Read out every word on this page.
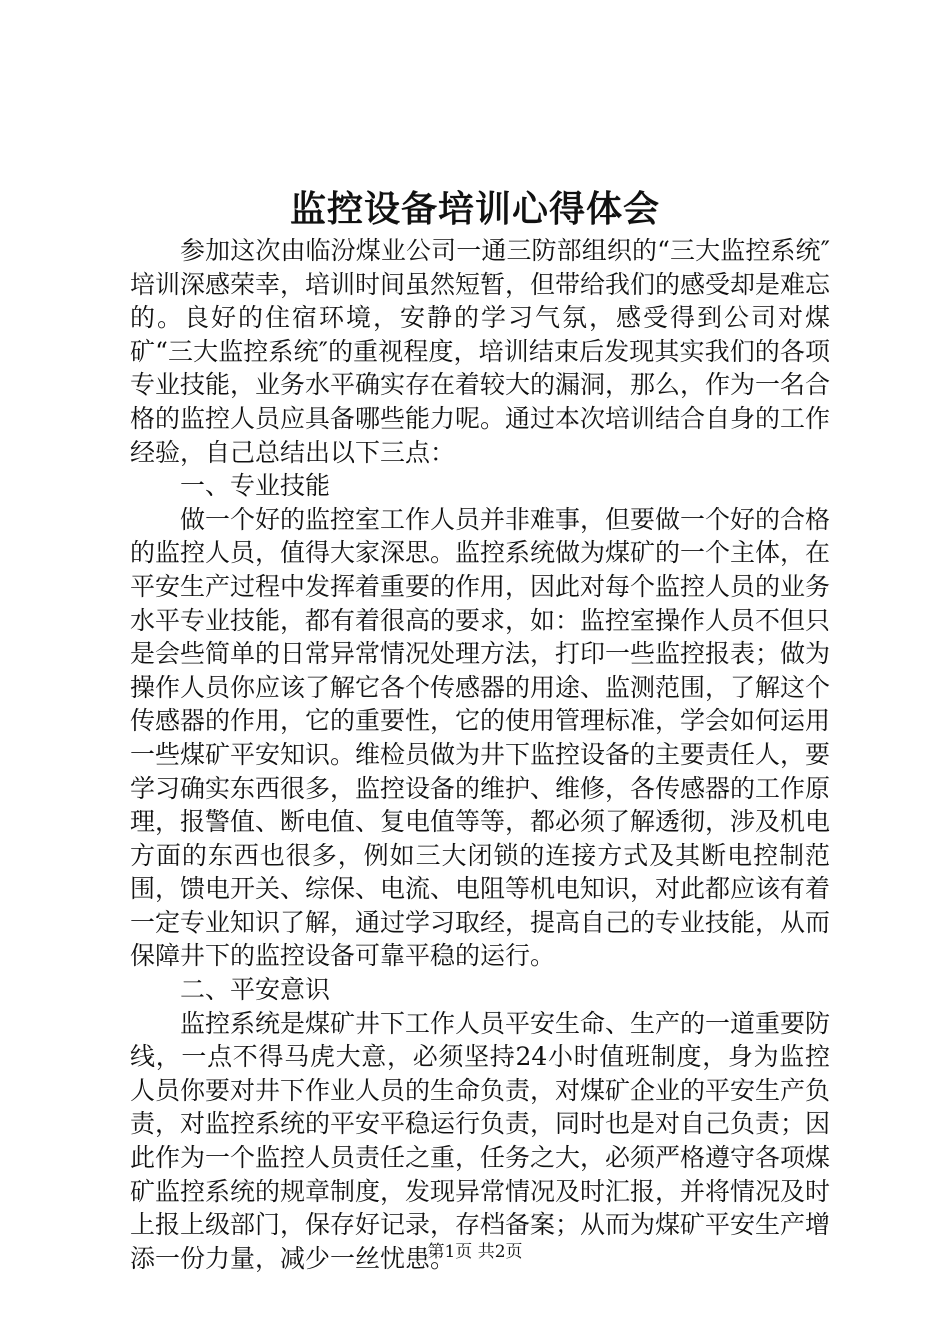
监控设备培训心得体会

参加这次由临汾煤业公司一通三防部组织的“三大监控系统″培训深感荣幸，培训时间虽然短暂，但带给我们的感受却是难忘的。良好的住宿环境，安静的学习气氛，感受得到公司对煤矿“三大监控系统″的重视程度，培训结束后发现其实我们的各项专业技能，业务水平确实存在着较大的漏洞，那么，作为一名合格的监控人员应具备哪些能力呢。通过本次培训结合自身的工作经验，自己总结出以下三点：

一、专业技能

做一个好的监控室工作人员并非难事，但要做一个好的合格的监控人员，值得大家深思。监控系统做为煤矿的一个主体，在平安生产过程中发挥着重要的作用，因此对每个监控人员的业务水平专业技能，都有着很高的要求，如：监控室操作人员不但只是会些简单的日常异常情况处理方法，打印一些监控报表；做为操作人员你应该了解它各个传感器的用途、监测范围，了解这个传感器的作用，它的重要性，它的使用管理标准，学会如何运用一些煤矿平安知识。维检员做为井下监控设备的主要责任人，要学习确实东西很多，监控设备的维护、维修，各传感器的工作原理，报警值、断电值、复电值等等，都必须了解透彻，涉及机电方面的东西也很多，例如三大闭锁的连接方式及其断电控制范围，馈电开关、综保、电流、电阻等机电知识，对此都应该有着一定专业知识了解，通过学习取经，提高自己的专业技能，从而保障井下的监控设备可靠平稳的运行。

二、平安意识

监控系统是煤矿井下工作人员平安生命、生产的一道重要防线，一点不得马虎大意，必须坚持24小时值班制度，身为监控人员你要对井下作业人员的生命负责，对煤矿企业的平安生产负责，对监控系统的平安平稳运行负责，同时也是对自己负责；因此作为一个监控人员责任之重，任务之大，必须严格遵守各项煤矿监控系统的规章制度，发现异常情况及时汇报，并将情况及时上报上级部门，保存好记录，存档备案；从而为煤矿平安生产增添一份力量，减少一丝忧患。

第1页 共2页
